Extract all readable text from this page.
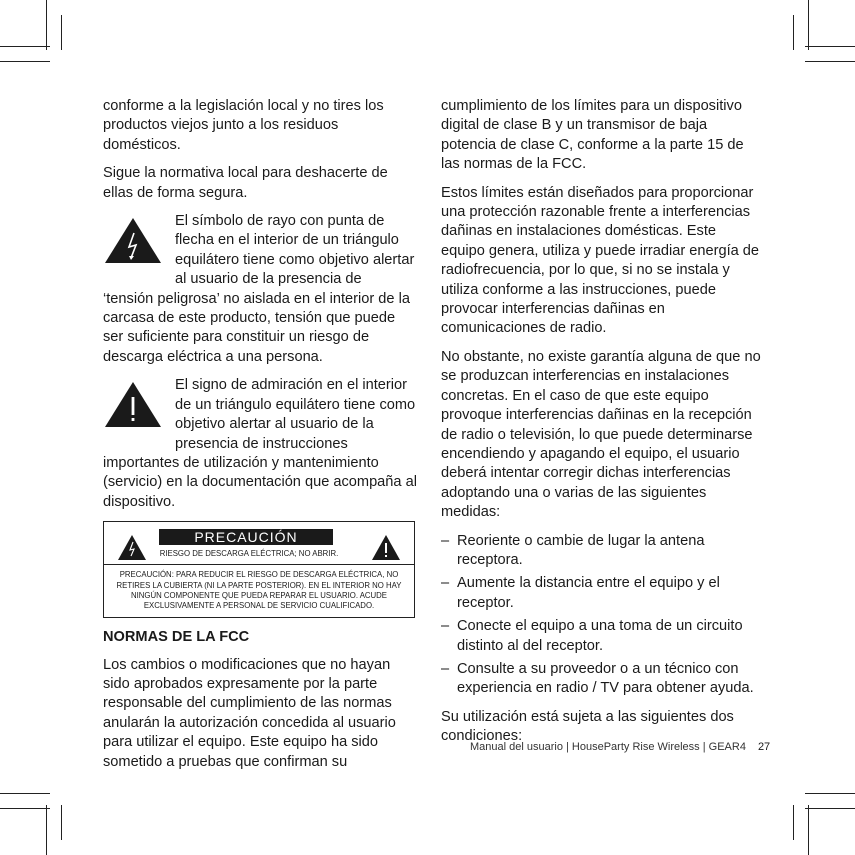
conforme a la legislación local y no tires los productos viejos junto a los residuos domésticos.

Sigue la normativa local para deshacerte de ellas de forma segura.

El símbolo de rayo con punta de flecha en el interior de un triángulo equilátero tiene como objetivo alertar al usuario de la presencia de

‘tensión peligrosa’ no aislada en el interior de la carcasa de este producto, tensión que puede ser suficiente para constituir un riesgo de descarga eléctrica a una persona.

El signo de admiración en el interior de un triángulo equilátero tiene como objetivo alertar al usuario de la presencia de instrucciones

importantes de utilización y mantenimiento (servicio) en la documentación que acompaña al dispositivo.

PRECAUCIÓN
RIESGO DE DESCARGA ELÉCTRICA; NO ABRIR.
PRECAUCIÓN: PARA REDUCIR EL RIESGO DE DESCARGA ELÉCTRICA, NO RETIRES LA CUBIERTA (NI LA PARTE POSTERIOR). EN EL INTERIOR NO HAY NINGÚN COMPONENTE QUE PUEDA REPARAR EL USUARIO. ACUDE EXCLUSIVAMENTE A PERSONAL DE SERVICIO CUALIFICADO.
NORMAS DE LA FCC

Los cambios o modificaciones que no hayan sido aprobados expresamente por la parte responsable del cumplimiento de las normas anularán la autorización concedida al usuario para utilizar el equipo. Este equipo ha sido sometido a pruebas que confirman su

cumplimiento de los límites para un dispositivo digital de clase B y un transmisor de baja potencia de clase C, conforme a la parte 15 de las normas de la FCC.

Estos límites están diseñados para proporcionar una protección razonable frente a interferencias dañinas en instalaciones domésticas. Este equipo genera, utiliza y puede irradiar energía de radiofrecuencia, por lo que, si no se instala y utiliza conforme a las instrucciones, puede provocar interferencias dañinas en comunicaciones de radio.

No obstante, no existe garantía alguna de que no se produzcan interferencias en instalaciones concretas. En el caso de que este equipo provoque interferencias dañinas en la recepción de radio o televisión, lo que puede determinarse encendiendo y apagando el equipo, el usuario deberá intentar corregir dichas interferencias adoptando una o varias de las siguientes medidas:

– Reoriente o cambie de lugar la antena receptora.
– Aumente la distancia entre el equipo y el receptor.
– Conecte el equipo a una toma de un circuito distinto al del receptor.
– Consulte a su proveedor o a un técnico con experiencia en radio / TV para obtener ayuda.

Su utilización está sujeta a las siguientes dos condiciones:

Manual del usuario | HouseParty Rise Wireless | GEAR4 27
